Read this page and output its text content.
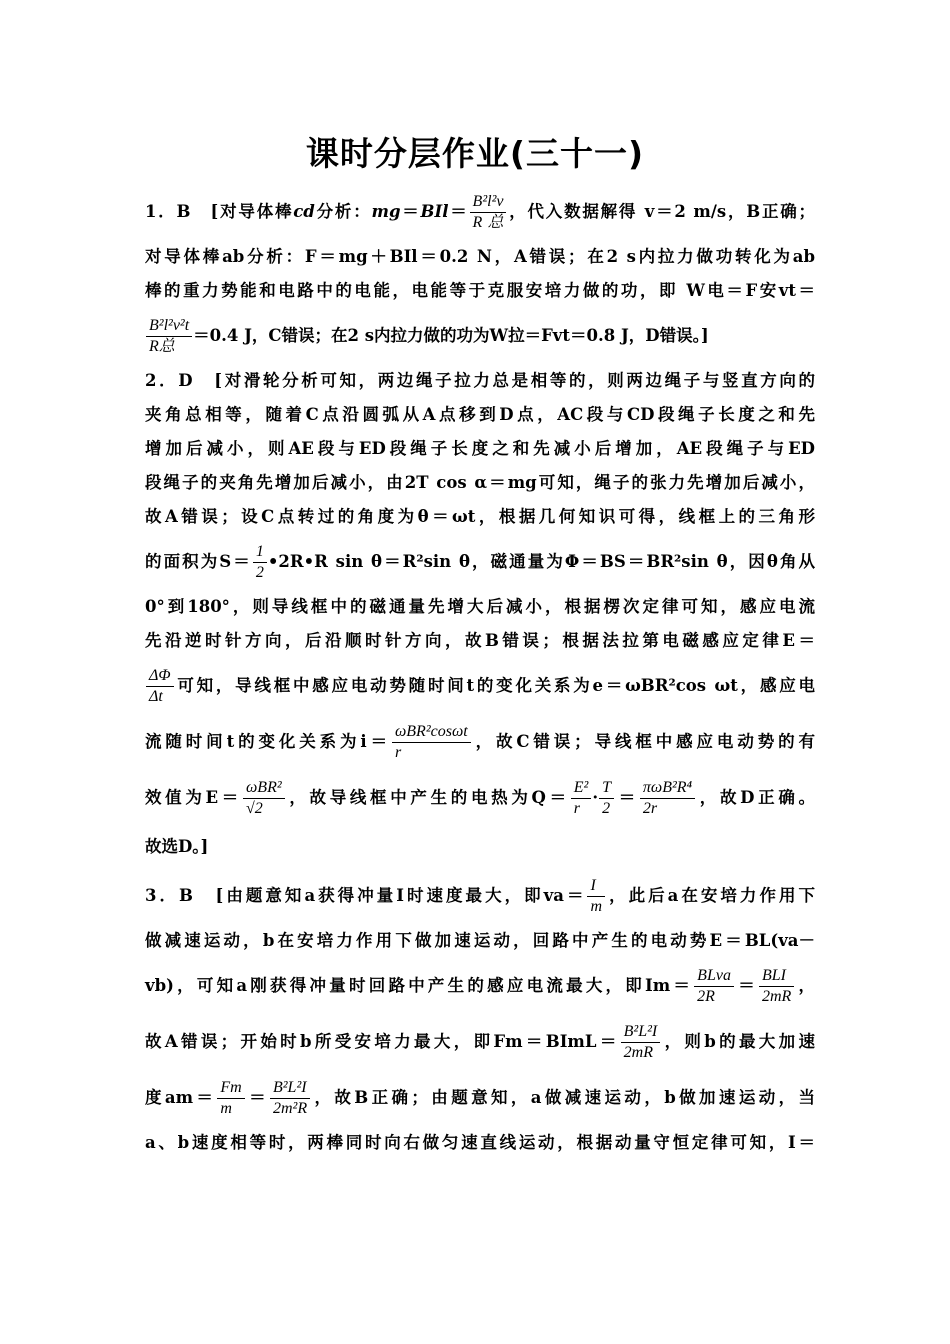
课时分层作业(三十一)
1．B　[对导体棒cd分析：$mg=BIl= \frac{\text{B²l²v}}{\text{R总}}$ ，代入数据解得 v＝2 m/s，B正确；
对导体棒ab分析：F＝mg＋BIl＝0.2 N，A错误；在2 s内拉力做功转化为ab
棒的重力势能和电路中的电能，电能等于克服安培力做的功，即 W电＝F安vt＝
$\frac{\text{B²l²v²t}}{\text{R总}} =0.4$ J，C错误；在2 s内拉力做的功为W拉＝Fvt＝0.8 J，D错误。]
2．D　[对滑轮分析可知，两边绳子拉力总是相等的，则两边绳子与竖直方向的
夹角总相等，随着C点沿圆弧从A点移到D点，AC段与CD段绳子长度之和先
增加后减小，则AE段与ED段绳子长度之和先减小后增加，AE段绳子与ED
段绳子的夹角先增加后减小，由2T cos α＝mg可知，绳子的张力先增加后减小，
故A错误；设C点转过的角度为θ＝ωt，根据几何知识可得，线框上的三角形
的面积为$S= \frac{1}{2}$ •2R•R sin θ＝R²sin θ，磁通量为Φ＝BS＝BR²sin θ，因θ角从
0°到180°，则导线框中的磁通量先增大后减小，根据楞次定律可知，感应电流
先沿逆时针方向，后沿顺时针方向，故B错误；根据法拉第电磁感应定律E＝
$\frac{\Delta\Phi}{\Delta t}$ 可知，导线框中感应电动势随时间t的变化关系为e＝ωBR²cos ωt，感应电
流随时间t的变化关系为$i= \frac{\text{ωBR²cosωt}}{r}$ ，故C错误；导线框中感应电动势的有
效值为$E= \frac{\text{ωBR²}}{√2}$ ，故导线框中产生的电热为$Q= \frac{\text{E²}}{r} \cdot \frac{T}{2} = \frac{\text{πωB²R⁴}}{2r}$ ，故D正确。
故选D。]
3．B　[由题意知a获得冲量I时速度最大，即$va= \frac{I}{m}$ ，此后a在安培力作用下
做减速运动，b在安培力作用下做加速运动，回路中产生的电动势E＝BL(va－
vb)，可知a刚获得冲量时回路中产生的感应电流最大，即$Im= \frac{\text{BLva}}{2R} = \frac{\text{BLI}}{2mR}$ ，
故A错误；开始时b所受安培力最大，即Fm＝BImL＝ $\frac{\text{B²L²I}}{2mR}$ ，则b的最大加速
度$am= \frac{Fm}{m} = \frac{\text{B²L²I}}{\text{2m²R}}$ ，故B正确；由题意知，a做减速运动，b做加速运动，当
a、b速度相等时，两棒同时向右做匀速直线运动，根据动量守恒定律可知，I＝
